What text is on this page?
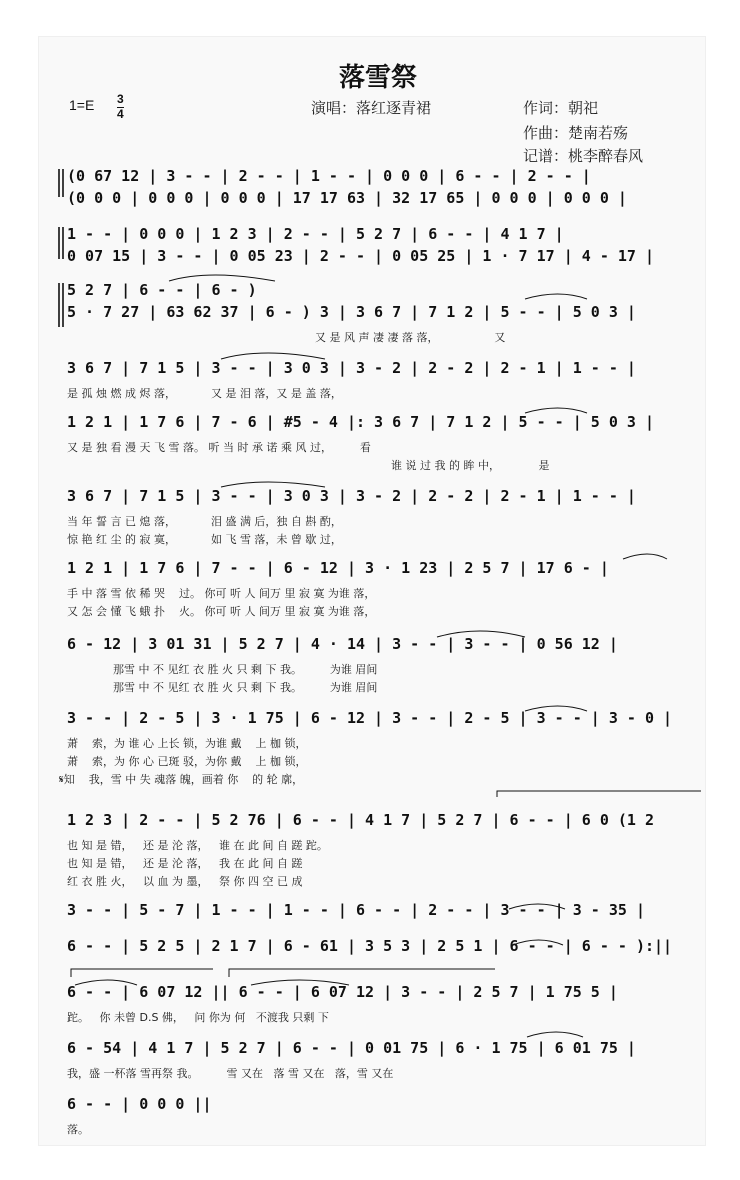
落雪祭
1=E 3
4	演唱：落红逐青裙	作词：朝祀
作曲：楚南若殇
记谱：桃李醉春风
(0 67 12 | 3 - - | 2 - - | 1 - - | 0 0 0 | 6 - - | 2 - - |
(0 0 0 | 0 0 0 | 0 0 0 | 17 17 63 | 32 17 65 | 0 0 0 | 0 0 0 |
1 - - | 0 0 0 | 1 2 3 | 2 - - | 5 2 7 | 6 - - | 4 1 7 |
0 07 15 | 3 - - | 0 05 23 | 2 - - | 0 05 25 | 1 · 7 17 | 4 - 17 |
5 2 7 | 6 - - | 6 - )
5 · 7 27 | 63 62 37 | 6 - ) 3 | 3 6 7 | 7 1 2 | 5 - - | 5 0 3 |
又 是 风 声 凄 凄 落 落，                又
3 6 7 | 7 1 5 | 3 - - | 3 0 3 | 3 - 2 | 2 - 2 | 2 - 1 | 1 - - |
是 孤 烛 燃 成 烬 落，          又 是 泪 落，又 是 盖 落，
1 2 1 | 1 7 6 | 7 - 6 | #5 - 4 |: 3 6 7 | 7 1 2 | 5 - - | 5 0 3 |
又 是 独 看 漫 天 飞 雪 落。 听 当 时 承 诺 乘 风 过，        看
谁 说 过 我 的 眸 中，           是
3 6 7 | 7 1 5 | 3 - - | 3 0 3 | 3 - 2 | 2 - 2 | 2 - 1 | 1 - - |
当 年 誓 言 已 熄 落，          泪 盛 满 后，独 自 斟 酌，
惊 艳 红 尘 的 寂 寞，          如 飞 雪 落，未 曾 歇 过，
1 2 1 | 1 7 6 | 7 - - | 6 - 12 | 3 · 1 23 | 2 5 7 | 17 6 - |
手 中 落 雪 依 稀 哭    过。 你可 听 人 间万 里 寂 寞 为谁 落，
又 怎 会 懂 飞 蛾 扑    火。 你可 听 人 间万 里 寂 寞 为谁 落，
6 - 12 | 3 01 31 | 5 2 7 | 4 · 14 | 3 - - | 3 - - | 0 56 12 |
那雪 中 不 见红 衣 胜 火 只 剩 下 我。        为谁 眉间
那雪 中 不 见红 衣 胜 火 只 剩 下 我。        为谁 眉间
3 - - | 2 - 5 | 3 · 1 75 | 6 - 12 | 3 - - | 2 - 5 | 3 - - | 3 - 0 |
萧    索，为 谁 心 上长 锁，为谁 戴    上 枷 锁，
萧    索，为 你 心 已斑 驳，为你 戴    上 枷 锁，
𝄋知    我，雪 中 失 魂落 魄，画着 你    的 轮 廓，
1 2 3 | 2 - - | 5 2 76 | 6 - - | 4 1 7 | 5 2 7 | 6 - - | 6 0 (1 2
也 知 是 错，   还 是 沦 落，   谁 在 此 间 自 蹉 跎。
也 知 是 错，   还 是 沦 落，   我 在 此 间 自 蹉
红 衣 胜 火，   以 血 为 墨，   祭 你 四 空 已 成
3 - - | 5 - 7 | 1 - - | 1 - - | 6 - - | 2 - - | 3 - - | 3 - 35 |
6 - - | 5 2 5 | 2 1 7 | 6 - 61 | 3 5 3 | 2 5 1 | 6 - - | 6 - - ):||
6 - - | 6 07 12 || 6 - - | 6 07 12 | 3 - - | 2 5 7 | 1 75 5 |
跎。   你 未曾 D.S 佛，   问 你为 何   不渡我 只剩 下
6 - 54 | 4 1 7 | 5 2 7 | 6 - - | 0 01 75 | 6 · 1 75 | 6 01 75 |
我，盛 一杯落 雪再祭 我。        雪 又在   落 雪 又在   落，雪 又在
6 - - | 0 0 0 ||
落。
